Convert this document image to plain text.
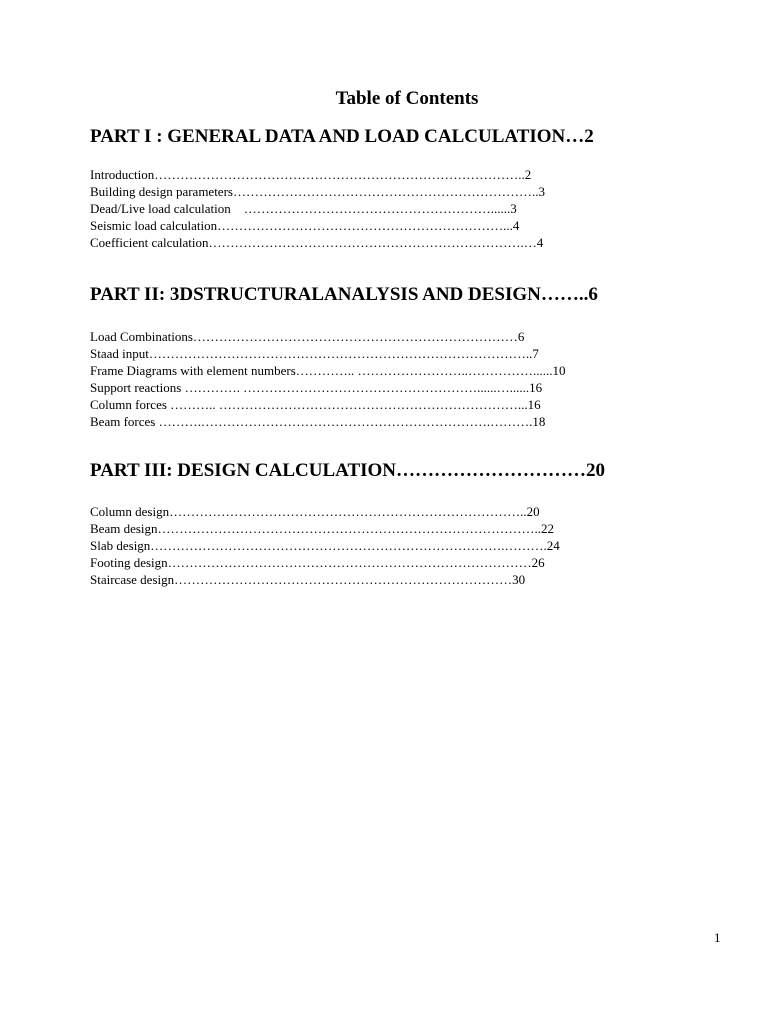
Table of Contents
PART I : GENERAL DATA AND LOAD CALCULATION…2
Introduction…………………………………………………………………………..2
Building design parameters……………………………………………………………..3
Dead/Live load calculation    …………………………………………………......3
Seismic load calculation…………………………………………………………...4
Coefficient calculation……………………………………………………………….…4
PART II: 3DSTRUCTURALANALYSIS AND DESIGN……..6
Load Combinations…………………………………………………………………6
Staad input……………………………………………………………………………..7
Frame Diagrams with element numbers………….. ……………………..……………......10
Support reactions …………. ………………………………………………......…......16
Column forces ……….. ……………………………………………………………...16
Beam forces ……….………………………………………………………….……….18
PART III: DESIGN CALCULATION…………………………20
Column design………………………………………………………………………..20
Beam design……………………………………………………………………………..22
Slab design……………………………………………………………………….……….24
Footing design…………………………………………………………………………26
Staircase design……………………………………………………………………30
1
